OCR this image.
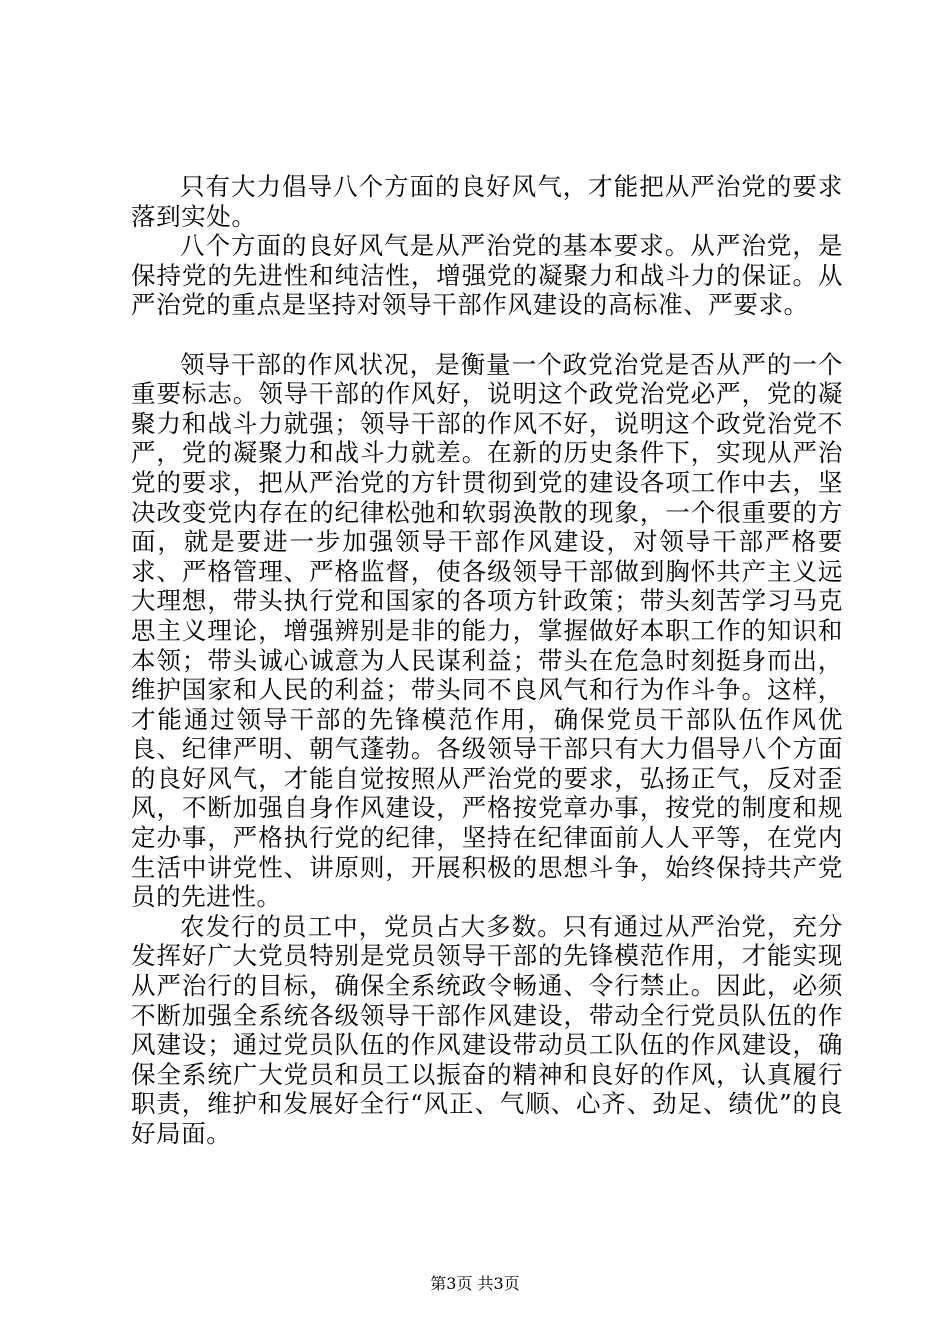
只有大力倡导八个方面的良好风气，才能把从严治党的要求落到实处。

八个方面的良好风气是从严治党的基本要求。从严治党，是保持党的先进性和纯洁性，增强党的凝聚力和战斗力的保证。从严治党的重点是坚持对领导干部作风建设的高标准、严要求。

领导干部的作风状况，是衡量一个政党治党是否从严的一个重要标志。领导干部的作风好，说明这个政党治党必严，党的凝聚力和战斗力就强；领导干部的作风不好，说明这个政党治党不严，党的凝聚力和战斗力就差。在新的历史条件下，实现从严治党的要求，把从严治党的方针贯彻到党的建设各项工作中去，坚决改变党内存在的纪律松弛和软弱涣散的现象，一个很重要的方面，就是要进一步加强领导干部作风建设，对领导干部严格要求、严格管理、严格监督，使各级领导干部做到胸怀共产主义远大理想，带头执行党和国家的各项方针政策；带头刻苦学习马克思主义理论，增强辨别是非的能力，掌握做好本职工作的知识和本领；带头诚心诚意为人民谋利益；带头在危急时刻挺身而出，维护国家和人民的利益；带头同不良风气和行为作斗争。这样，才能通过领导干部的先锋模范作用，确保党员干部队伍作风优良、纪律严明、朝气蓬勃。各级领导干部只有大力倡导八个方面的良好风气，才能自觉按照从严治党的要求，弘扬正气，反对歪风，不断加强自身作风建设，严格按党章办事，按党的制度和规定办事，严格执行党的纪律，坚持在纪律面前人人平等，在党内生活中讲党性、讲原则，开展积极的思想斗争，始终保持共产党员的先进性。

农发行的员工中，党员占大多数。只有通过从严治党，充分发挥好广大党员特别是党员领导干部的先锋模范作用，才能实现从严治行的目标，确保全系统政令畅通、令行禁止。因此，必须不断加强全系统各级领导干部作风建设，带动全行党员队伍的作风建设；通过党员队伍的作风建设带动员工队伍的作风建设，确保全系统广大党员和员工以振奋的精神和良好的作风，认真履行职责，维护和发展好全行“风正、气顺、心齐、劲足、绩优”的良好局面。

第3页 共3页
